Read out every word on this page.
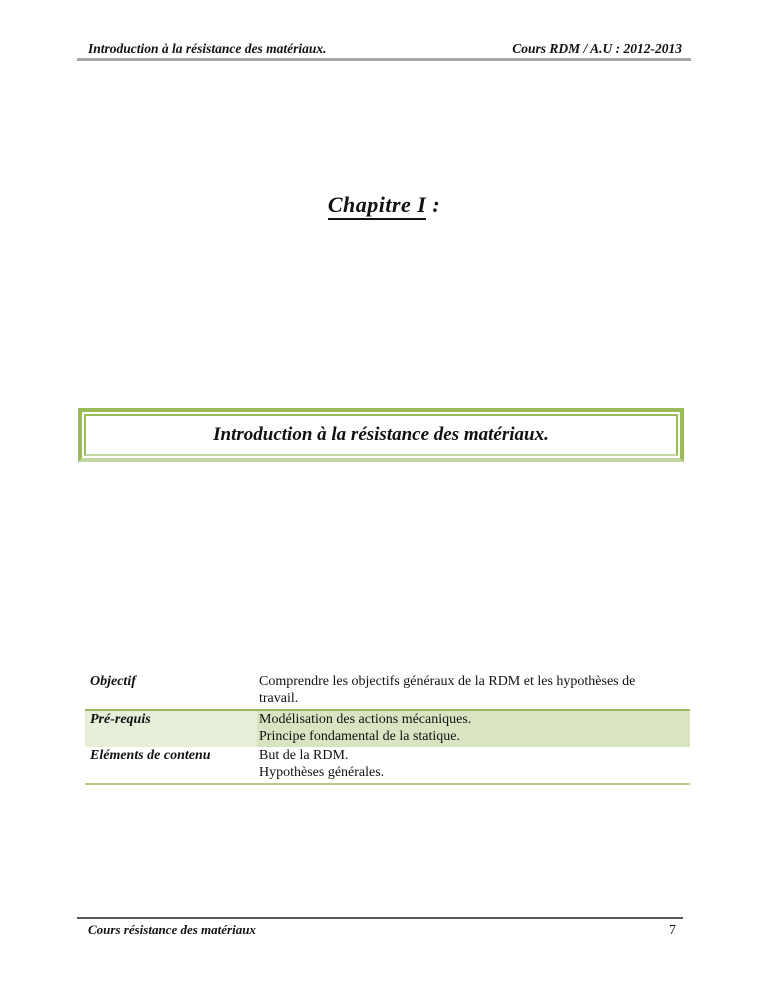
Introduction à la résistance des matériaux.	Cours RDM / A.U : 2012-2013
Chapitre I :
Introduction à la résistance des matériaux.
Objectif	Comprendre les objectifs généraux de la RDM et les hypothèses de
travail.

Pré-requis	Modélisation des actions mécaniques.
Principe fondamental de la statique.

Eléments de contenu	But de la RDM.
Hypothèses générales.
Cours résistance des matériaux	7
